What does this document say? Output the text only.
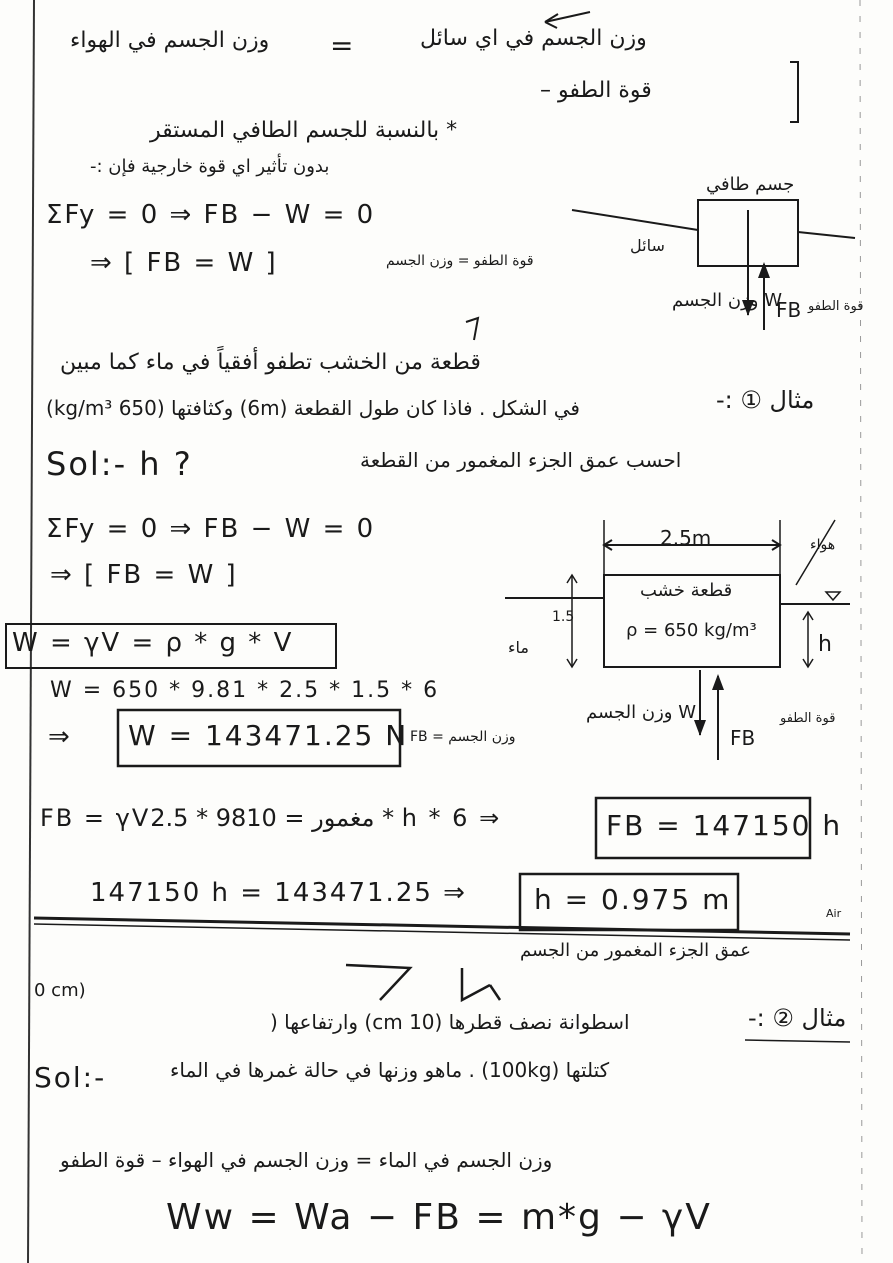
وزن الجسم في اي سائل
=
وزن الجسم في الهواء
قوة الطفو –
* بالنسبة للجسم الطافي المستقر
بدون تأثير اي قوة خارجية فإن :-
ΣFy = 0 ⇒ FB − W = 0
⇒ [ FB = W ]	قوة الطفو = وزن الجسم
جسم طافي
سائل
W وزن الجسم
FB قوة الطفو
مثال ① :-
قطعة من الخشب تطفو أفقياً في ماء كما مبين
في الشكل . فاذا كان طول القطعة (6m) وكثافتها (650 kg/m³)
احسب عمق الجزء المغمور من القطعة
Sol:- h ?
ΣFy = 0 ⇒ FB − W = 0
⇒ [ FB = W ]
W = γV = ρ * g * V
W = 650 * 9.81 * 2.5 * 1.5 * 6
⇒ W = 143471.25 N وزن الجسم = FB
FB = γVمغمور = 9810 * 2.5 * h * 6 ⇒	FB = 147150 h
147150 h = 143471.25 ⇒ h = 0.975 m
عمق الجزء المغمور من الجسم
Air
2.5m
1.5
قطعة خشب
ρ = 650 kg/m³
h
ماء
هواء
W وزن الجسم
FB
قوة الطفو
مثال ② :-
اسطوانة نصف قطرها (10 cm) وارتفاعها (
كتلتها (100kg) . ماهو وزنها في حالة غمرها في الماء
0 cm)
Sol:-
وزن الجسم في الماء = وزن الجسم في الهواء – قوة الطفو
Ww = Wa − FB = m*g − γV
